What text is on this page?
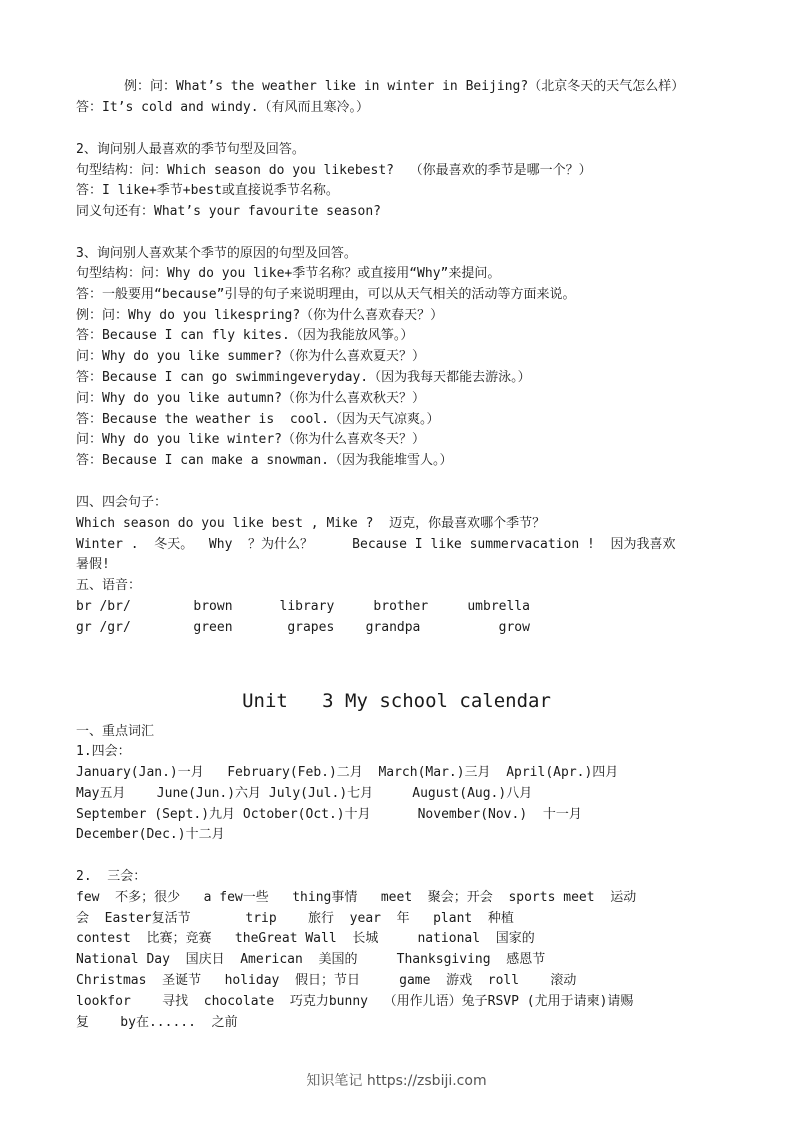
例：问：What’s the weather like in winter in Beijing?（北京冬天的天气怎么样）
答：It’s cold and windy.（有风而且寒冷。）
2、询问别人最喜欢的季节句型及回答。
句型结构：问：Which season do you likebest?  （你最喜欢的季节是哪一个？）
答：I like+季节+best或直接说季节名称。
同义句还有：What’s your favourite season?
3、询问别人喜欢某个季节的原因的句型及回答。
句型结构：问：Why do you like+季节名称？或直接用“Why”来提问。
答：一般要用“because”引导的句子来说明理由，可以从天气相关的活动等方面来说。
例：问：Why do you likespring?（你为什么喜欢春天？）
答：Because I can fly kites.（因为我能放风筝。）
问：Why do you like summer?（你为什么喜欢夏天？）
答：Because I can go swimmingeveryday.（因为我每天都能去游泳。）
问：Why do you like autumn?（你为什么喜欢秋天？）
答：Because the weather is  cool.（因为天气凉爽。）
问：Why do you like winter?（你为什么喜欢冬天？）
答：Because I can make a snowman.（因为我能堆雪人。）
四、四会句子：
Which season do you like best , Mike ?  迈克，你最喜欢哪个季节？
Winter .  冬天。  Why  ？为什么？     Because I like summervacation !  因为我喜欢
暑假!
五、语音：
br /br/        brown      library     brother     umbrella
gr /gr/        green       grapes    grandpa          grow
Unit   3 My school calendar
一、重点词汇
1.四会：
January(Jan.)一月   February(Feb.)二月  March(Mar.)三月  April(Apr.)四月
May五月    June(Jun.)六月 July(Jul.)七月     August(Aug.)八月
September (Sept.)九月 October(Oct.)十月      November(Nov.)  十一月
December(Dec.)十二月
2.  三会：
few  不多；很少   a few一些   thing事情   meet  聚会；开会  sports meet  运动
会  Easter复活节       trip    旅行  year  年   plant  种植
contest  比赛；竞赛   theGreat Wall  长城     national  国家的
National Day  国庆日  American  美国的     Thanksgiving  感恩节
Christmas  圣诞节   holiday  假日；节日     game  游戏  roll    滚动
lookfor    寻找  chocolate  巧克力bunny  （用作儿语）兔子RSVP (尤用于请柬)请赐
复    by在......  之前
知识笔记 https://zsbiji.com
